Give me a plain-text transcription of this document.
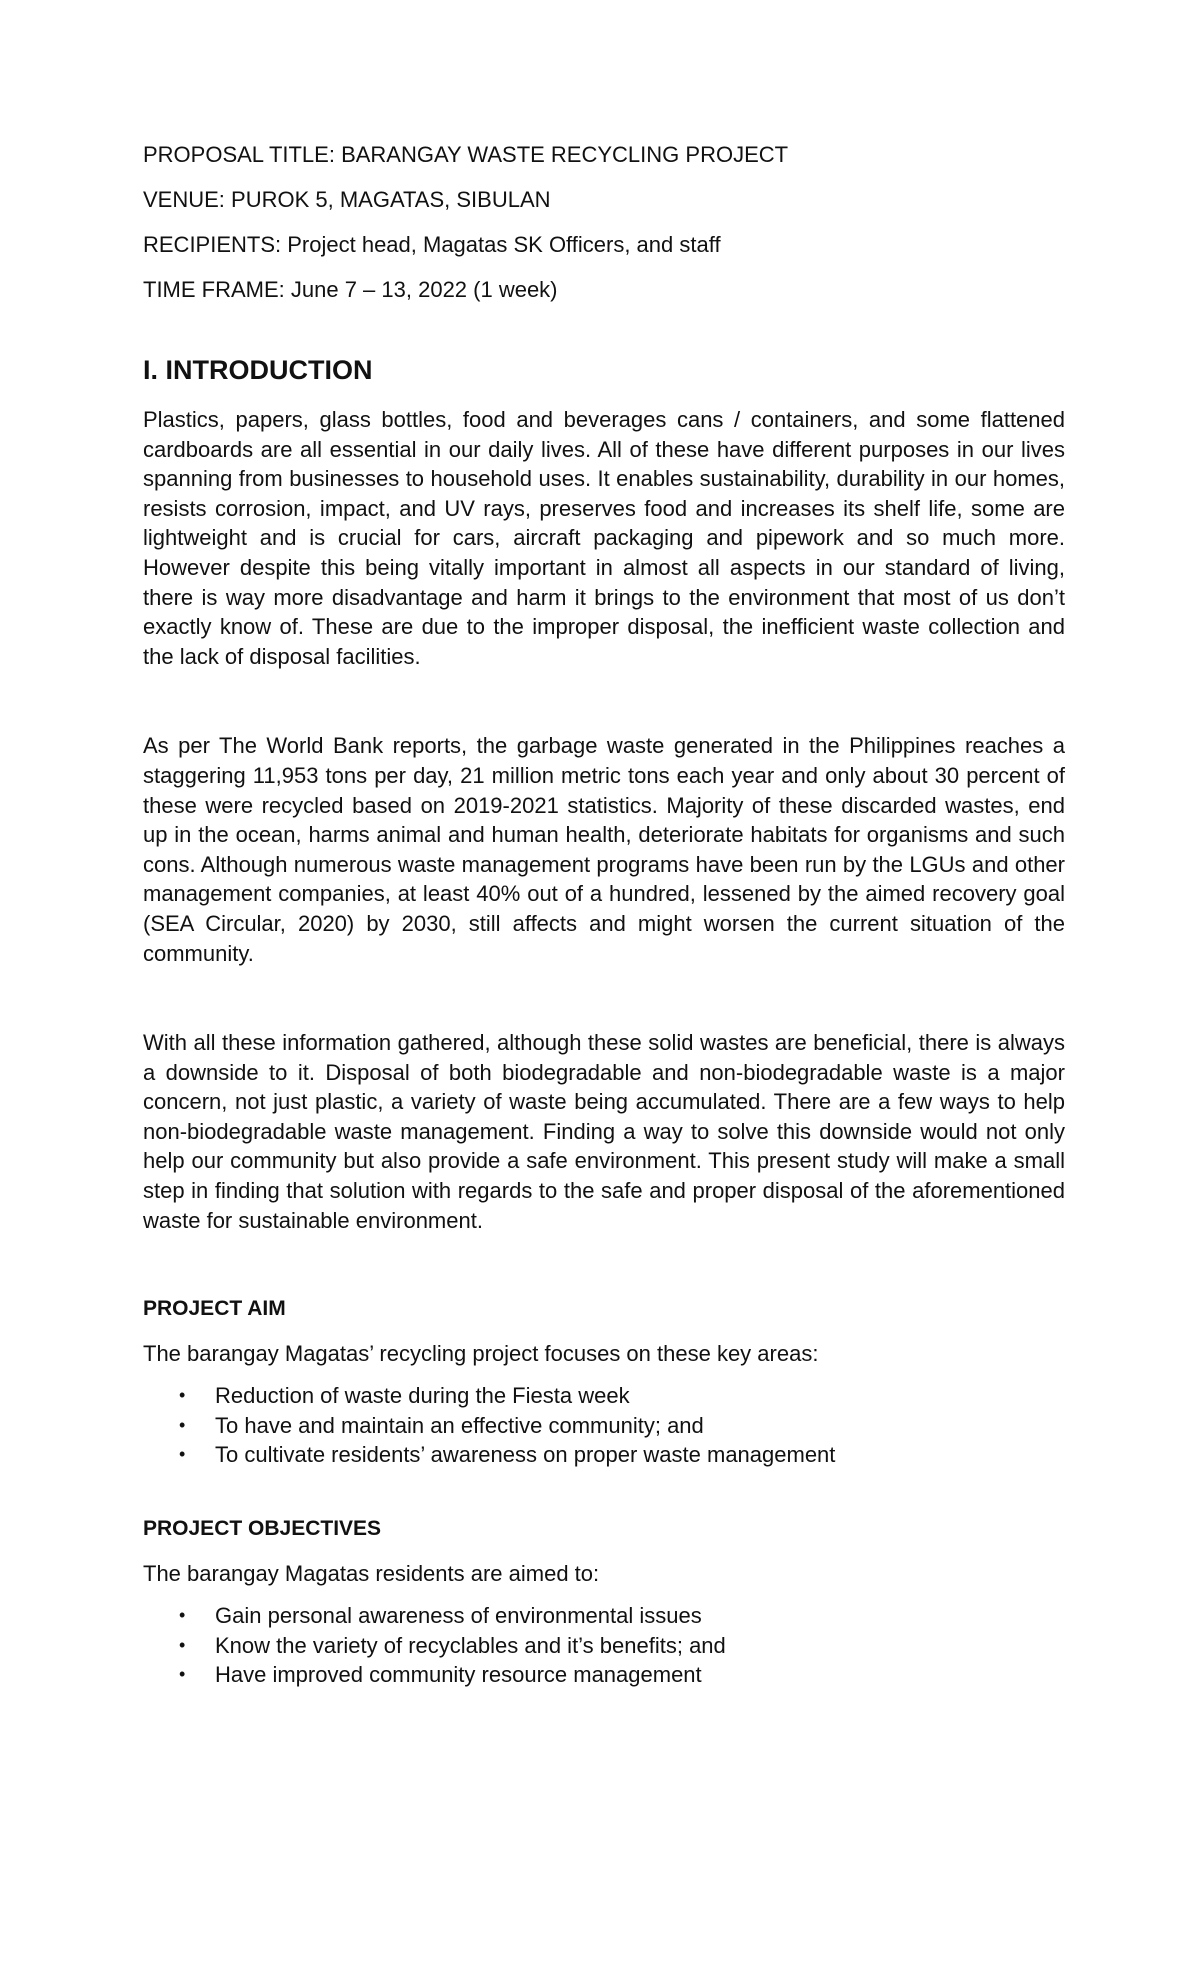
PROPOSAL TITLE: BARANGAY WASTE RECYCLING PROJECT

VENUE: PUROK 5, MAGATAS, SIBULAN

RECIPIENTS: Project head, Magatas SK Officers, and staff

TIME FRAME: June 7 – 13, 2022 (1 week)

I. INTRODUCTION

Plastics, papers, glass bottles, food and beverages cans / containers, and some flattened cardboards are all essential in our daily lives. All of these have different purposes in our lives spanning from businesses to household uses. It enables sustainability, durability in our homes, resists corrosion, impact, and UV rays, preserves food and increases its shelf life, some are lightweight and is crucial for cars, aircraft packaging and pipework and so much more. However despite this being vitally important in almost all aspects in our standard of living, there is way more disadvantage and harm it brings to the environment that most of us don’t exactly know of. These are due to the improper disposal, the inefficient waste collection and the lack of disposal facilities.

As per The World Bank reports, the garbage waste generated in the Philippines reaches a staggering 11,953 tons per day, 21 million metric tons each year and only about 30 percent of these were recycled based on 2019-2021 statistics. Majority of these discarded wastes, end up in the ocean, harms animal and human health, deteriorate habitats for organisms and such cons. Although numerous waste management programs have been run by the LGUs and other management companies, at least 40% out of a hundred, lessened by the aimed recovery goal (SEA Circular, 2020) by 2030, still affects and might worsen the current situation of the community.

With all these information gathered, although these solid wastes are beneficial, there is always a downside to it. Disposal of both biodegradable and non-biodegradable waste is a major concern, not just plastic, a variety of waste being accumulated. There are a few ways to help non-biodegradable waste management. Finding a way to solve this downside would not only help our community but also provide a safe environment. This present study will make a small step in finding that solution with regards to the safe and proper disposal of the aforementioned waste for sustainable environment.

PROJECT AIM

The barangay Magatas’ recycling project focuses on these key areas:

• Reduction of waste during the Fiesta week
• To have and maintain an effective community; and
• To cultivate residents’ awareness on proper waste management
PROJECT OBJECTIVES

The barangay Magatas residents are aimed to:

• Gain personal awareness of environmental issues
• Know the variety of recyclables and it’s benefits; and
• Have improved community resource management
